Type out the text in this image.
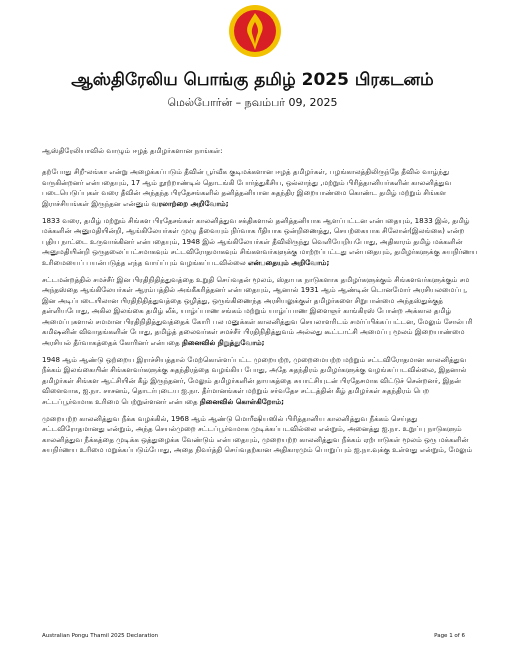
ஆஸ்திரேலிய பொங்கு தமிழ் 2025 பிரகடனம்
மெல்போர்ன் – நவம்பர் 09, 2025

ஆஸ்திரேலியாவில் வாழும் ஈழத் தமிழர்களான நாங்கள்:

தற்போது சிறீ-லங்கா என்று அழைக்கப்படும் தீவின் பூர்வீக குடிமக்களான ஈழத் தமிழர்கள், பழங்காலத்திலிருந்தே தீவில் வாழ்ந்து வருகின்றனர் என்பதையும், 17 ஆம் நூற்றாண்டில் தொடங்கி போர்த்துகீசிய, ஒல்லாந்து ,மற்றும் பிரித்தானியர்களின் காலனித்துவ படையெடுப்புகள் வரை தீவின் அந்தந்த பிரதேசங்களில் தனித்தனியான சுதந்திர இறையாண்மை கொண்ட தமிழ் மற்றும் சிங்கள இராச்சியங்கள் இருந்தன என்னும் வரலாற்றை அறிவோம்;

1833 வரை, தமிழ் மற்றும் சிங்கள பிரதேசங்கள் காலனித்துவ சக்திகளால் தனித்தனியாக ஆளப்பட்டன என்பதையும், 1833 இல், தமிழ் மக்களின் அனுமதியின்றி, ஆங்கிலேயர்கள் முழு தீவையும் நிர்வாக ரீதியாக ஒன்றிணைத்து, செயற்கையாக சிலோன்(இலங்கை) என்ற புதிய நாட்டை உருவாக்கினர் என்பதையும், 1948 இல் ஆங்கிலேயர்கள் தீவிலிருந்து வெளியேறியபோது, அதிகாரம் தமிழ் மக்களின் அனுமதியின்றி ஒருதலைப்பட்சமாகவும் சட்டவிரோதமாகவும் சிங்களவர்களுக்கு மாற்றப்பட்டது என்பதையும், தமிழர்களுக்கு சுயநிர்ணய உரிமையைப் பயன்படுத்த எந்த வாய்ப்பும் வழங்கப்படவில்லை என்பதையும் அறிவோம்;

சட்டமன்றத்தில் சமச்சீர் இன பிரதிநிதித்துவத்தை உறுதி செய்வதன் மூலம், ஸ்தாபக நாடுகளாக தமிழர்களுக்கும் சிங்களவர்களுக்கும் சம அந்தஸ்தை ஆங்கிலேயர்கள் ஆரம்பத்தில் அங்கீகரித்தனர் என்பதையும், ஆனால் 1931 ஆம் ஆண்டின் டொனமோர் அரசியலமைப்பு, இன அடிப்படையிலான பிரதிநிதித்துவத்தை ஒழித்து, ஒருங்கிணைந்த அரசியலுக்குள் தமிழர்களை சிறுபான்மை அந்தஸ்துக்குத் தள்ளியபோது, அகில இலங்கை தமிழ் லீக், யாழ்ப்பாண சங்கம் மற்றும் யாழ்ப்பாண இளைஞர் காங்கிரஸ் போன்ற அக்கால தமிழ் அமைப்புகளால் சமமான பிரதிநிதித்துவத்தைக் கோரி பல மனுக்கள் காலனித்துவ செயலாளரிடம் சமர்ப்பிக்கப்பட்டன, மேலும் சோல்பரி கமிஷனின் விவாதங்களின் போது, தமிழ்த் தலைவர்கள் சமச்சீர் பிரதிநிதித்துவம் அல்லது கூட்டாட்சி அமைப்பு மூலம் இறையாண்மை அரசியல் தீர்வாகத்தைக் கோரினர் என்பதை நினைவில் நிறுத்துவோம்;

1948 ஆம் ஆண்டு ஒற்றைய இராச்சியத்தால் மேற்கொள்ளப்பட்ட முறையற்ற, முறைமையற்ற மற்றும் சட்டவிரோதமான காலனித்துவ நீக்கம் இலங்கையின் சிங்களவர்களுக்கு சுதந்திரத்தை வழங்கிய போது, அதே சுதந்திரம் தமிழர்களுக்கு வழங்கப்படவில்லை, இதனால் தமிழர்கள் சிங்கள ஆட்சியின் கீழ் இருந்தனர், மேலும் தமிழர்களின் தாயகத்தை சுயாட்சியுடன் பிரதேசமாக விட்டுச் சென்றனர், இதன் விளைவாக, ஐ.நா. சாசனம், தொடர்புடைய ஐ.நா. தீர்மானங்கள் மற்றும் சர்வதேச சட்டத்தின் கீழ் தமிழர்கள் சுதந்திரம் பெற சட்டப்பூர்வமாக உரிமை பெற்றுள்ளனர் என்பதை நினைவில் கொள்கிறோம்;

முறையற்ற காலனித்துவ நீக்க வழக்கில், 1968 ஆம் ஆண்டு மொரீஷியஸில் பிரித்தானிய காலனித்துவ நீக்கம் செய்தது சட்டவிரோதமானது என்றும், அந்த செயல்முறை சட்டப்பூர்வமாக முடிக்கப்படவில்லை என்றும், அனைத்து ஐ.நா. உறுப்பு நாடுகளும் காலனித்துவ நீக்கத்தை முடிக்க ஒத்துழைக்க வேண்டும் என்பதையும், முறையற்ற காலனித்துவ நீக்கம் ஏற்பாடுகள் மூலம் ஒரு மக்களின் சுயநிர்ணய உரிமை மறுக்கப்படும்போது, அதை நிவர்த்தி செய்வதற்கான அதிகாரமும் பொறுப்பும் ஐ.நா.வுக்கு உள்ளது என்றும், மேலும்

Australian Pongu Thamil 2025 Declaration	Page 1 of 6
